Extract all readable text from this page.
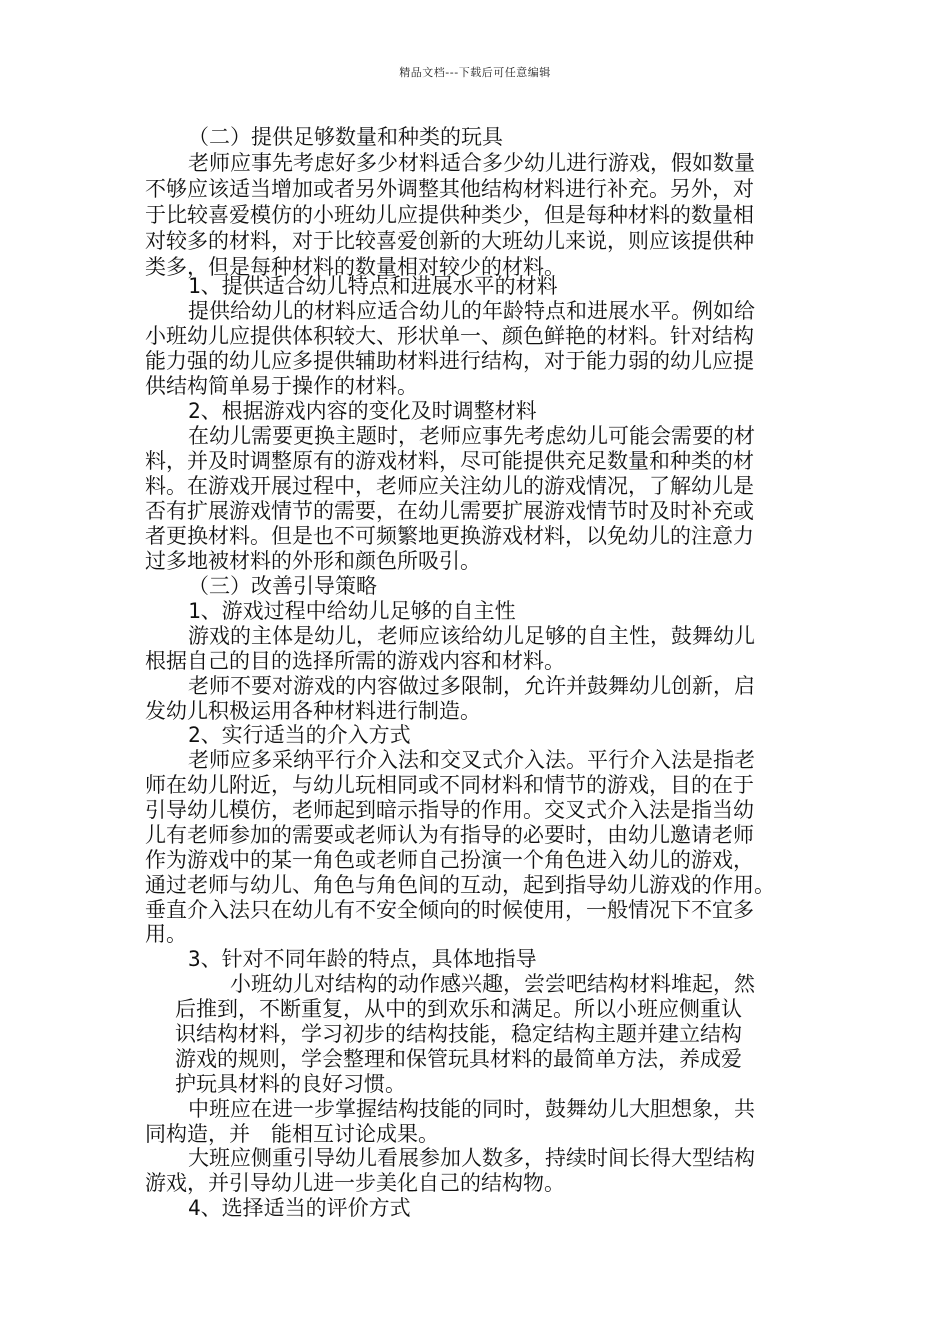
精品文档---下载后可任意编辑
（二）提供足够数量和种类的玩具
老师应事先考虑好多少材料适合多少幼儿进行游戏，假如数量
不够应该适当增加或者另外调整其他结构材料进行补充。另外，对
于比较喜爱模仿的小班幼儿应提供种类少，但是每种材料的数量相
对较多的材料，对于比较喜爱创新的大班幼儿来说，则应该提供种
类多，但是每种材料的数量相对较少的材料。
1、提供适合幼儿特点和进展水平的材料
提供给幼儿的材料应适合幼儿的年龄特点和进展水平。例如给
小班幼儿应提供体积较大、形状单一、颜色鲜艳的材料。针对结构
能力强的幼儿应多提供辅助材料进行结构，对于能力弱的幼儿应提
供结构简单易于操作的材料。
2、根据游戏内容的变化及时调整材料
在幼儿需要更换主题时，老师应事先考虑幼儿可能会需要的材
料，并及时调整原有的游戏材料，尽可能提供充足数量和种类的材
料。在游戏开展过程中，老师应关注幼儿的游戏情况，了解幼儿是
否有扩展游戏情节的需要，在幼儿需要扩展游戏情节时及时补充或
者更换材料。但是也不可频繁地更换游戏材料，以免幼儿的注意力
过多地被材料的外形和颜色所吸引。
（三）改善引导策略
1、游戏过程中给幼儿足够的自主性
游戏的主体是幼儿，老师应该给幼儿足够的自主性，鼓舞幼儿
根据自己的目的选择所需的游戏内容和材料。
老师不要对游戏的内容做过多限制，允许并鼓舞幼儿创新，启
发幼儿积极运用各种材料进行制造。
2、实行适当的介入方式
老师应多采纳平行介入法和交叉式介入法。平行介入法是指老
师在幼儿附近，与幼儿玩相同或不同材料和情节的游戏，目的在于
引导幼儿模仿，老师起到暗示指导的作用。交叉式介入法是指当幼
儿有老师参加的需要或老师认为有指导的必要时，由幼儿邀请老师
作为游戏中的某一角色或老师自己扮演一个角色进入幼儿的游戏，
通过老师与幼儿、角色与角色间的互动，起到指导幼儿游戏的作用。
垂直介入法只在幼儿有不安全倾向的时候使用，一般情况下不宜多
用。
3、针对不同年龄的特点，具体地指导
小班幼儿对结构的动作感兴趣，尝尝吧结构材料堆起，然
后推到，不断重复，从中的到欢乐和满足。所以小班应侧重认
识结构材料，学习初步的结构技能，稳定结构主题并建立结构
游戏的规则，学会整理和保管玩具材料的最简单方法，养成爱
护玩具材料的良好习惯。
中班应在进一步掌握结构技能的同时，鼓舞幼儿大胆想象，共
同构造，并　能相互讨论成果。
大班应侧重引导幼儿看展参加人数多，持续时间长得大型结构
游戏，并引导幼儿进一步美化自己的结构物。
4、选择适当的评价方式
